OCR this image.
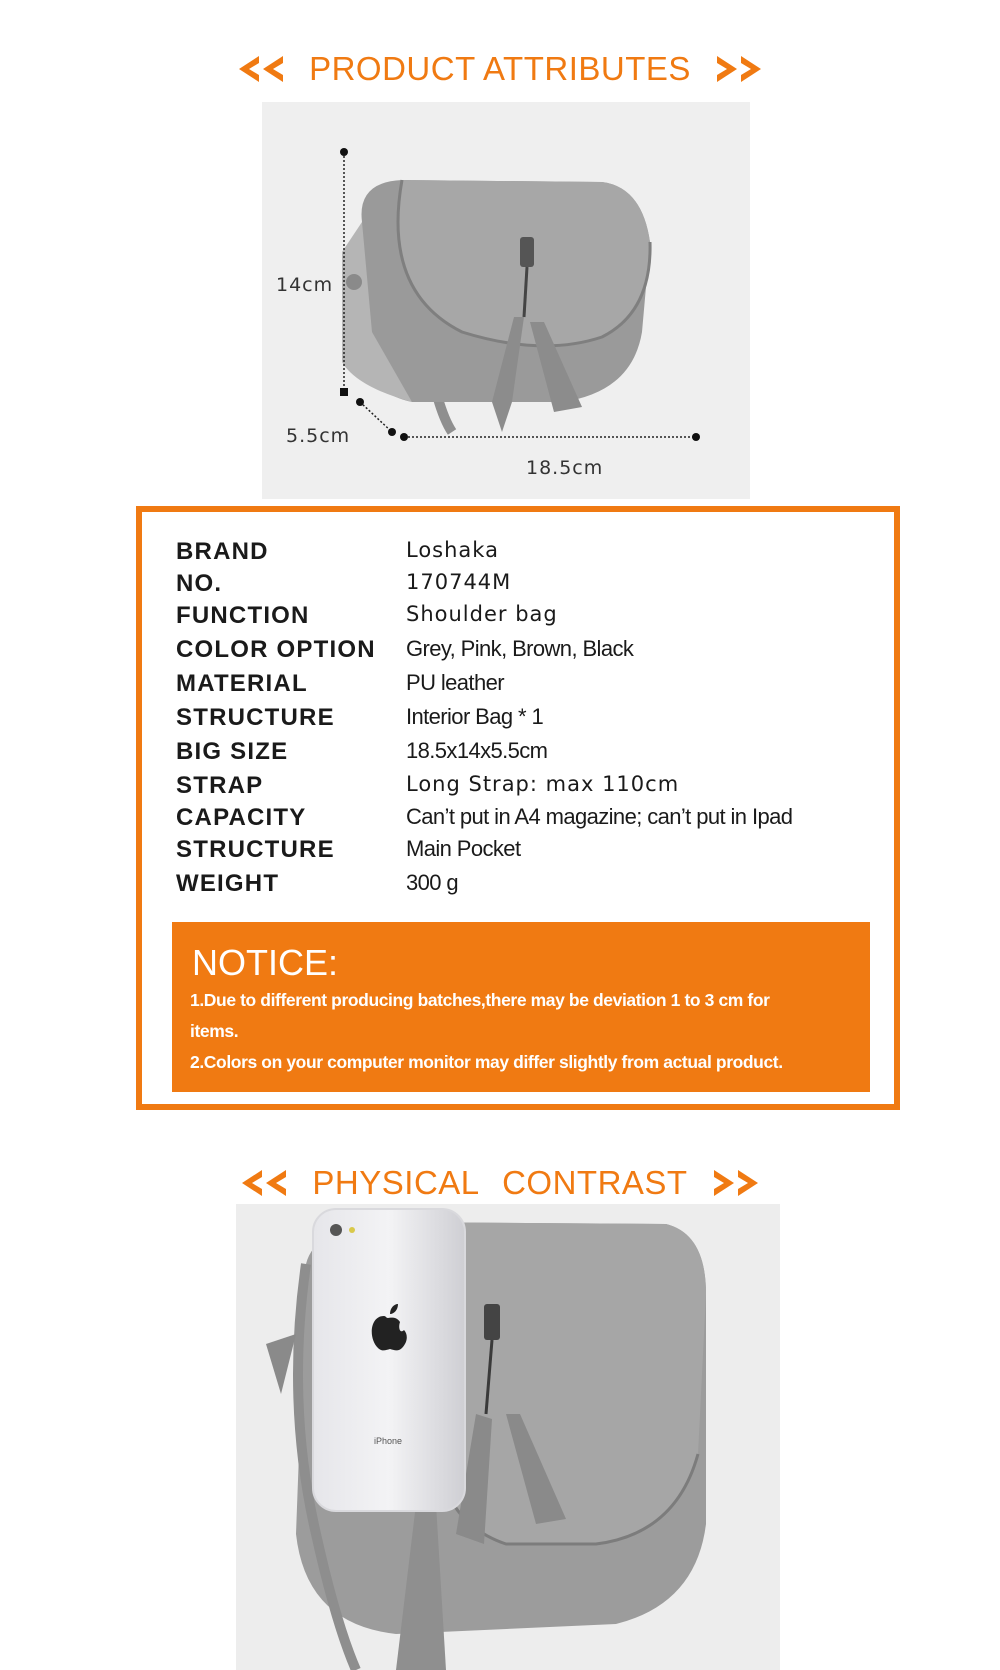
PRODUCT ATTRIBUTES
14cm
5.5cm
18.5cm
BRAND	Loshaka
NO.	170744M
FUNCTION	Shoulder bag
COLOR OPTION Grey, Pink, Brown, Black
MATERIAL	PU leather
STRUCTURE	Interior Bag * 1
BIG SIZE	18.5x14x5.5cm
STRAP	Long Strap: max 110cm
CAPACITY	Can’t put in A4 magazine; can’t put in Ipad
STRUCTURE	Main Pocket
WEIGHT	300 g
NOTICE:
1.Due to different producing batches,there may be deviation 1 to 3 cm for
items.
2.Colors on your computer monitor may differ slightly from actual product.
PHYSICAL CONTRAST
iPhone
